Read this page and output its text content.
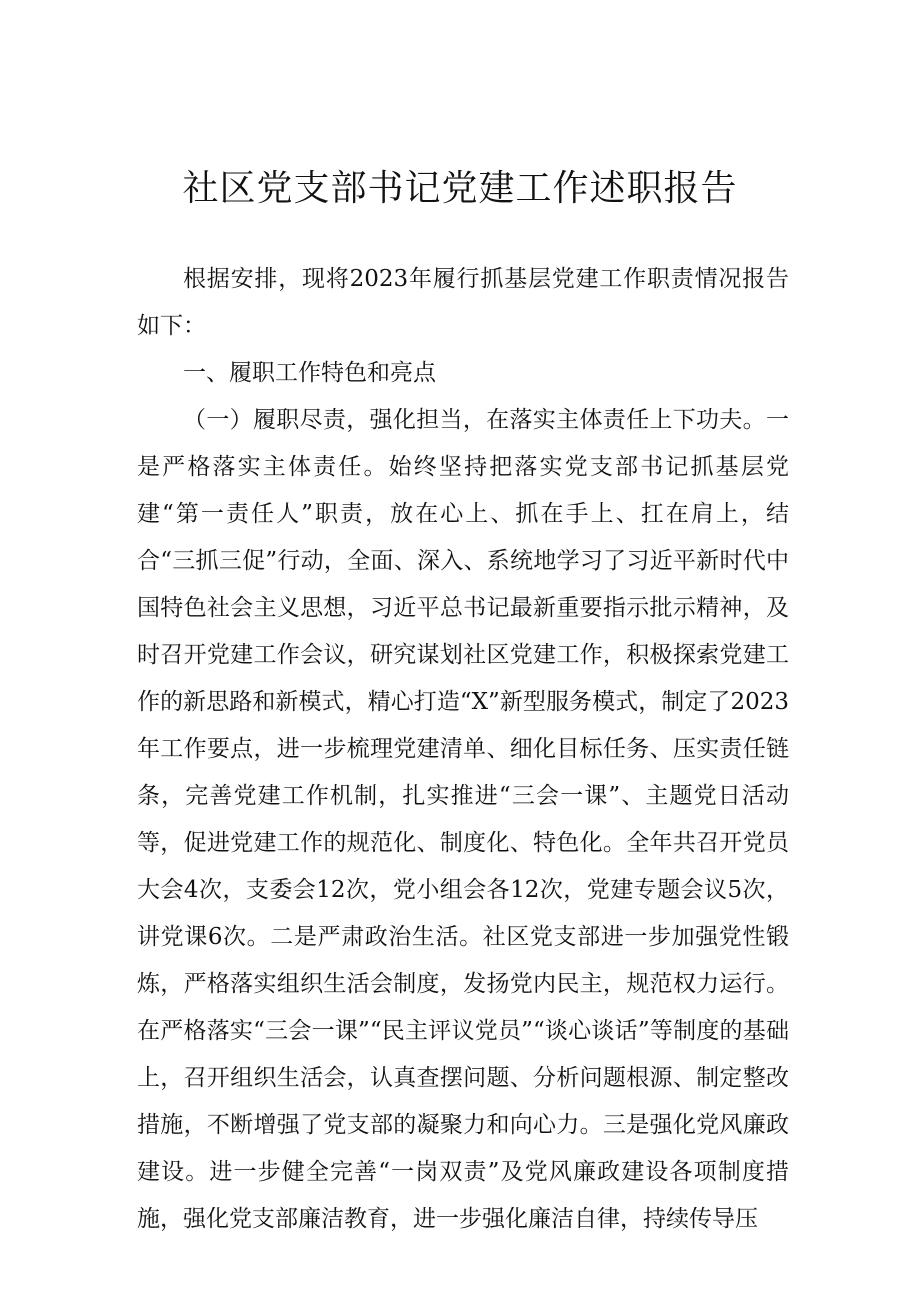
社区党支部书记党建工作述职报告

根据安排，现将2023年履行抓基层党建工作职责情况报告如下：

一、履职工作特色和亮点

（一）履职尽责，强化担当，在落实主体责任上下功夫。一是严格落实主体责任。始终坚持把落实党支部书记抓基层党建“第一责任人”职责，放在心上、抓在手上、扛在肩上，结合“三抓三促”行动，全面、深入、系统地学习了习近平新时代中国特色社会主义思想，习近平总书记最新重要指示批示精神，及时召开党建工作会议，研究谋划社区党建工作，积极探索党建工作的新思路和新模式，精心打造“X”新型服务模式，制定了2023年工作要点，进一步梳理党建清单、细化目标任务、压实责任链条，完善党建工作机制，扎实推进“三会一课”、主题党日活动等，促进党建工作的规范化、制度化、特色化。全年共召开党员大会4次，支委会12次，党小组会各12次，党建专题会议5次，讲党课6次。二是严肃政治生活。社区党支部进一步加强党性锻炼，严格落实组织生活会制度，发扬党内民主，规范权力运行。在严格落实“三会一课”“民主评议党员”“谈心谈话”等制度的基础上，召开组织生活会，认真查摆问题、分析问题根源、制定整改措施，不断增强了党支部的凝聚力和向心力。三是强化党风廉政建设。进一步健全完善“一岗双责”及党风廉政建设各项制度措施，强化党支部廉洁教育，进一步强化廉洁自律，持续传导压
